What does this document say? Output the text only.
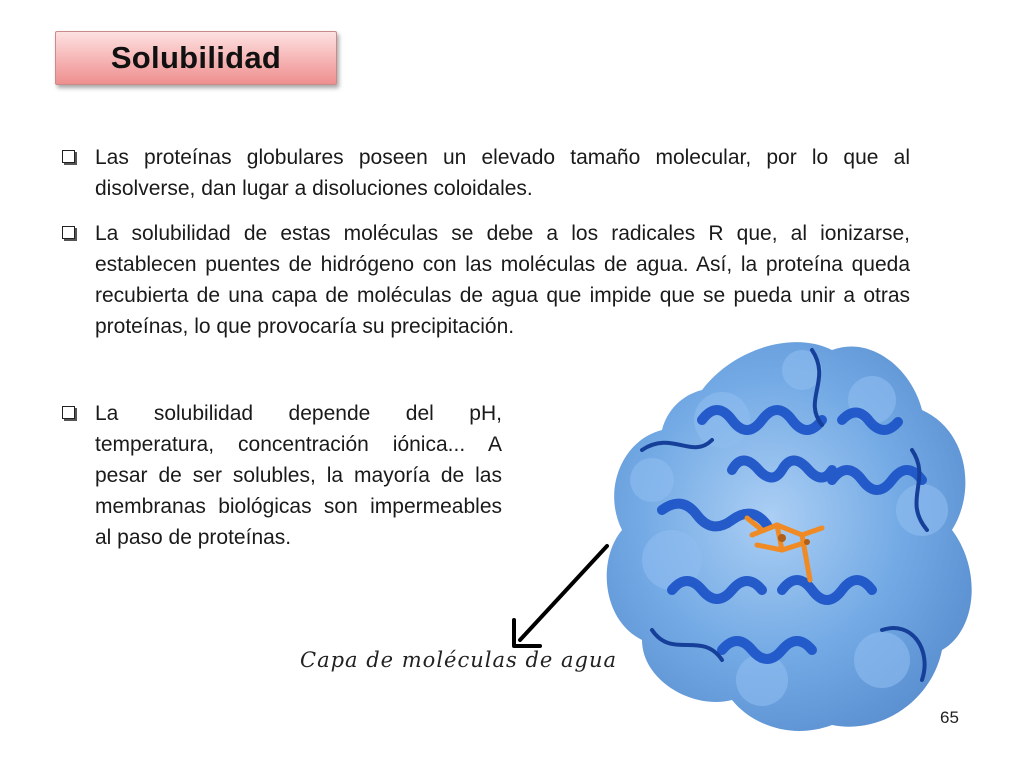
Solubilidad
Las proteínas globulares poseen un elevado tamaño molecular, por lo que al disolverse, dan lugar a disoluciones coloidales.
La solubilidad de estas moléculas se debe a los radicales R que, al ionizarse, establecen puentes de hidrógeno con las moléculas de agua. Así, la proteína queda recubierta de una capa de moléculas de agua que impide que se pueda unir a otras proteínas, lo que provocaría su precipitación.
La solubilidad depende del pH, temperatura, concentración iónica... A pesar de ser solubles, la mayoría de las membranas biológicas son impermeables al paso de proteínas.
Capa de moléculas de agua
65
